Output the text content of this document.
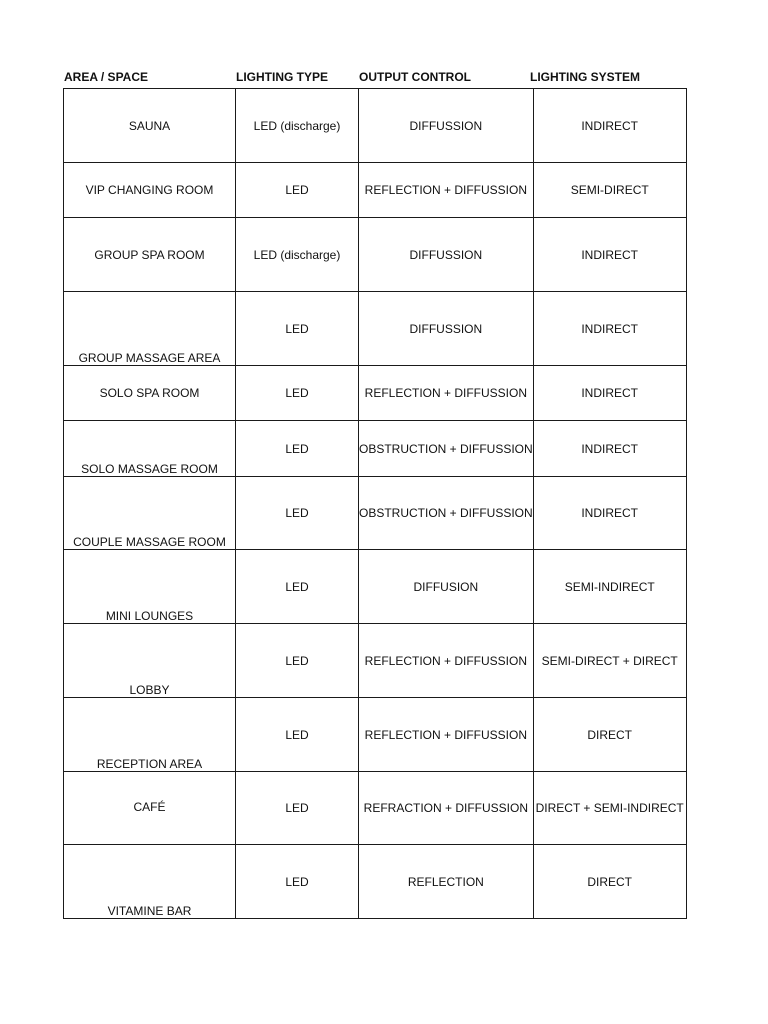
AREA / SPACE	LIGHTING TYPE	OUTPUT CONTROL	LIGHTING SYSTEM
SAUNA	LED (discharge)	DIFFUSSION	INDIRECT
VIP CHANGING ROOM	LED	REFLECTION + DIFFUSSION	SEMI-DIRECT
GROUP SPA ROOM	LED (discharge)	DIFFUSSION	INDIRECT
GROUP MASSAGE AREA	LED	DIFFUSSION	INDIRECT
SOLO SPA ROOM	LED	REFLECTION + DIFFUSSION	INDIRECT
SOLO MASSAGE ROOM	LED	OBSTRUCTION + DIFFUSSION	INDIRECT
COUPLE MASSAGE ROOM	LED	OBSTRUCTION + DIFFUSSION	INDIRECT
MINI LOUNGES	LED	DIFFUSION	SEMI-INDIRECT
LOBBY	LED	REFLECTION + DIFFUSSION	SEMI-DIRECT + DIRECT
RECEPTION AREA	LED	REFLECTION + DIFFUSSION	DIRECT
CAFÉ	LED	REFRACTION + DIFFUSSION	DIRECT + SEMI-INDIRECT
VITAMINE BAR	LED	REFLECTION	DIRECT
